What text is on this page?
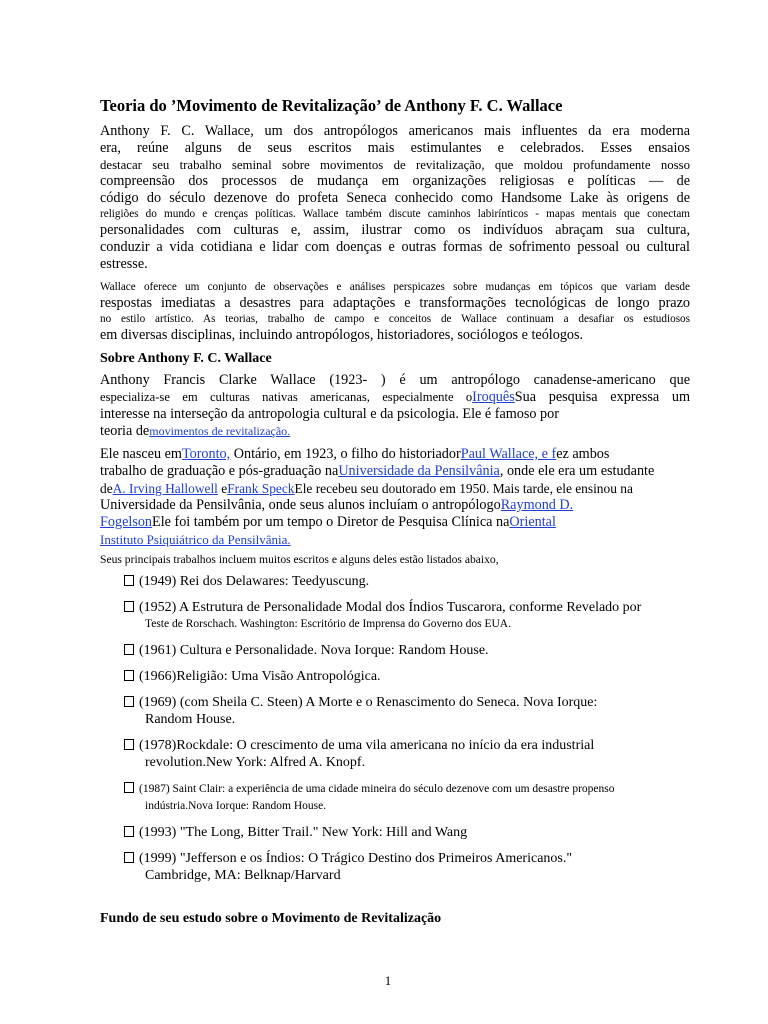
Teoria do ’Movimento de Revitalização’ de Anthony F. C. Wallace

Anthony F. C. Wallace, um dos antropólogos americanos mais influentes da era moderna

era, reúne alguns de seus escritos mais estimulantes e celebrados. Esses ensaios

destacar seu trabalho seminal sobre movimentos de revitalização, que moldou profundamente nosso

compreensão dos processos de mudança em organizações religiosas e políticas — de

código do século dezenove do profeta Seneca conhecido como Handsome Lake às origens de

religiões do mundo e crenças políticas. Wallace também discute caminhos labirínticos - mapas mentais que conectam

personalidades com culturas e, assim, ilustrar como os indivíduos abraçam sua cultura,

conduzir a vida cotidiana e lidar com doenças e outras formas de sofrimento pessoal ou cultural

estresse.

Wallace oferece um conjunto de observações e análises perspicazes sobre mudanças em tópicos que variam desde

respostas imediatas a desastres para adaptações e transformações tecnológicas de longo prazo

no estilo artístico. As teorias, trabalho de campo e conceitos de Wallace continuam a desafiar os estudiosos

em diversas disciplinas, incluindo antropólogos, historiadores, sociólogos e teólogos.

Sobre Anthony F. C. Wallace

Anthony Francis Clarke Wallace (1923- ) é um antropólogo canadense-americano que

especializa-se em culturas nativas americanas, especialmente oIroquêsSua pesquisa expressa um

interesse na interseção da antropologia cultural e da psicologia. Ele é famoso por

teoria demovimentos de revitalização.

Ele nasceu emToronto, Ontário, em 1923, o filho do historiadorPaul Wallace, e fez ambos

trabalho de graduação e pós-graduação naUniversidade da Pensilvânia, onde ele era um estudante

deA. Irving Hallowell eFrank SpeckEle recebeu seu doutorado em 1950. Mais tarde, ele ensinou na

Universidade da Pensilvânia, onde seus alunos incluíam o antropólogoRaymond D.

FogelsonEle foi também por um tempo o Diretor de Pesquisa Clínica naOriental

Instituto Psiquiátrico da Pensilvânia.

Seus principais trabalhos incluem muitos escritos e alguns deles estão listados abaixo,

(1949) Rei dos Delawares: Teedyuscung.
(1952) A Estrutura de Personalidade Modal dos Índios Tuscarora, conforme Revelado por
Teste de Rorschach. Washington: Escritório de Imprensa do Governo dos EUA.
(1961) Cultura e Personalidade. Nova Iorque: Random House.
(1966)Religião: Uma Visão Antropológica.
(1969) (com Sheila C. Steen) A Morte e o Renascimento do Seneca. Nova Iorque:
Random House.
(1978)Rockdale: O crescimento de uma vila americana no início da era industrial
revolution.New York: Alfred A. Knopf.
(1987) Saint Clair: a experiência de uma cidade mineira do século dezenove com um desastre propenso
indústria.Nova Iorque: Random House.
(1993) "The Long, Bitter Trail." New York: Hill and Wang
(1999) "Jefferson e os Índios: O Trágico Destino dos Primeiros Americanos."
Cambridge, MA: Belknap/Harvard
Fundo de seu estudo sobre o Movimento de Revitalização
1
